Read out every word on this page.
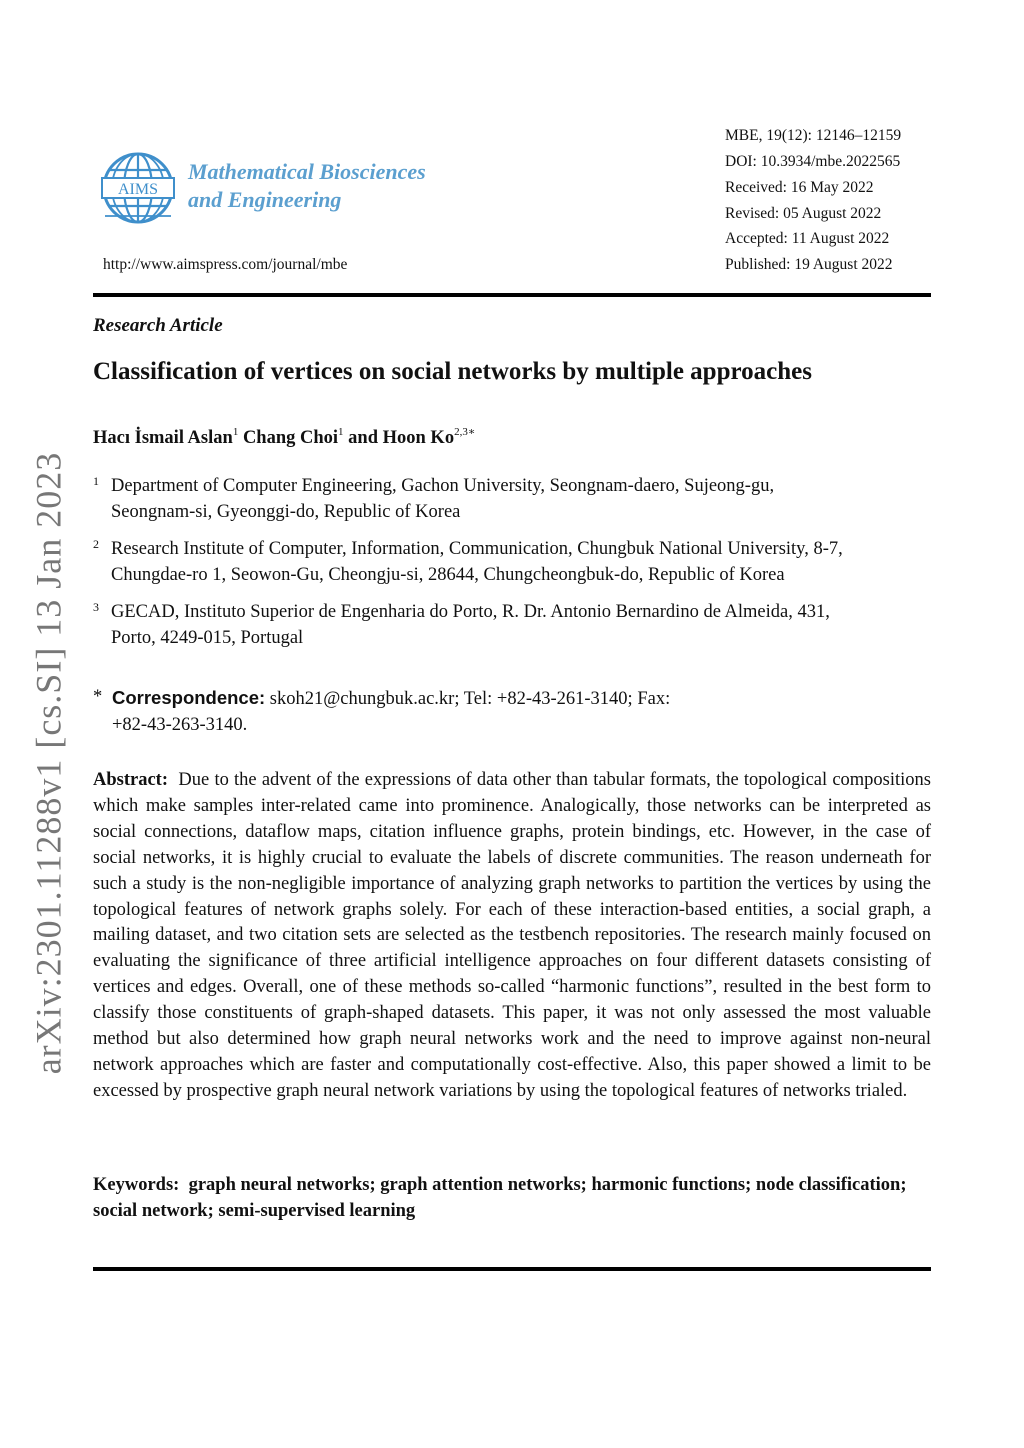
arXiv:2301.11288v1 [cs.SI] 13 Jan 2023
AIMS
Mathematical Biosciences
and Engineering
http://www.aimspress.com/journal/mbe
MBE, 19(12): 12146–12159
DOI: 10.3934/mbe.2022565
Received: 16 May 2022
Revised: 05 August 2022
Accepted: 11 August 2022
Published: 19 August 2022
Research Article
Classification of vertices on social networks by multiple approaches
Hacı İsmail Aslan$^1$ Chang Choi$^1$ and Hoon $Ko^{2,3∗}$
1 Department of Computer Engineering, Gachon University, Seongnam-daero, Sujeong-gu,
Seongnam-si, Gyeonggi-do, Republic of Korea
2 Research Institute of Computer, Information, Communication, Chungbuk National University, 8-7,
Chungdae-ro 1, Seowon-Gu, Cheongju-si, 28644, Chungcheongbuk-do, Republic of Korea
3 GECAD, Instituto Superior de Engenharia do Porto, R. Dr. Antonio Bernardino de Almeida, 431,
Porto, 4249-015, Portugal
* Correspondence: skoh21@chungbuk.ac.kr; Tel: +82-43-261-3140; Fax:
+82-43-263-3140.

Abstract: Due to the advent of the expressions of data other than tabular formats, the topological compositions which make samples inter-related came into prominence. Analogically, those networks can be interpreted as social connections, dataflow maps, citation influence graphs, protein bindings, etc. However, in the case of social networks, it is highly crucial to evaluate the labels of discrete communities. The reason underneath for such a study is the non-negligible importance of analyzing graph networks to partition the vertices by using the topological features of network graphs solely. For each of these interaction-based entities, a social graph, a mailing dataset, and two citation sets are selected as the testbench repositories. The research mainly focused on evaluating the significance of three artificial intelligence approaches on four different datasets consisting of vertices and edges. Overall, one of these methods so-called “harmonic functions”, resulted in the best form to classify those constituents of graph-shaped datasets. This paper, it was not only assessed the most valuable method but also determined how graph neural networks work and the need to improve against non-neural network approaches which are faster and computationally cost-effective. Also, this paper showed a limit to be excessed by prospective graph neural network variations by using the topological features of networks trialed.

Keywords: graph neural networks; graph attention networks; harmonic functions; node classification; social network; semi-supervised learning
